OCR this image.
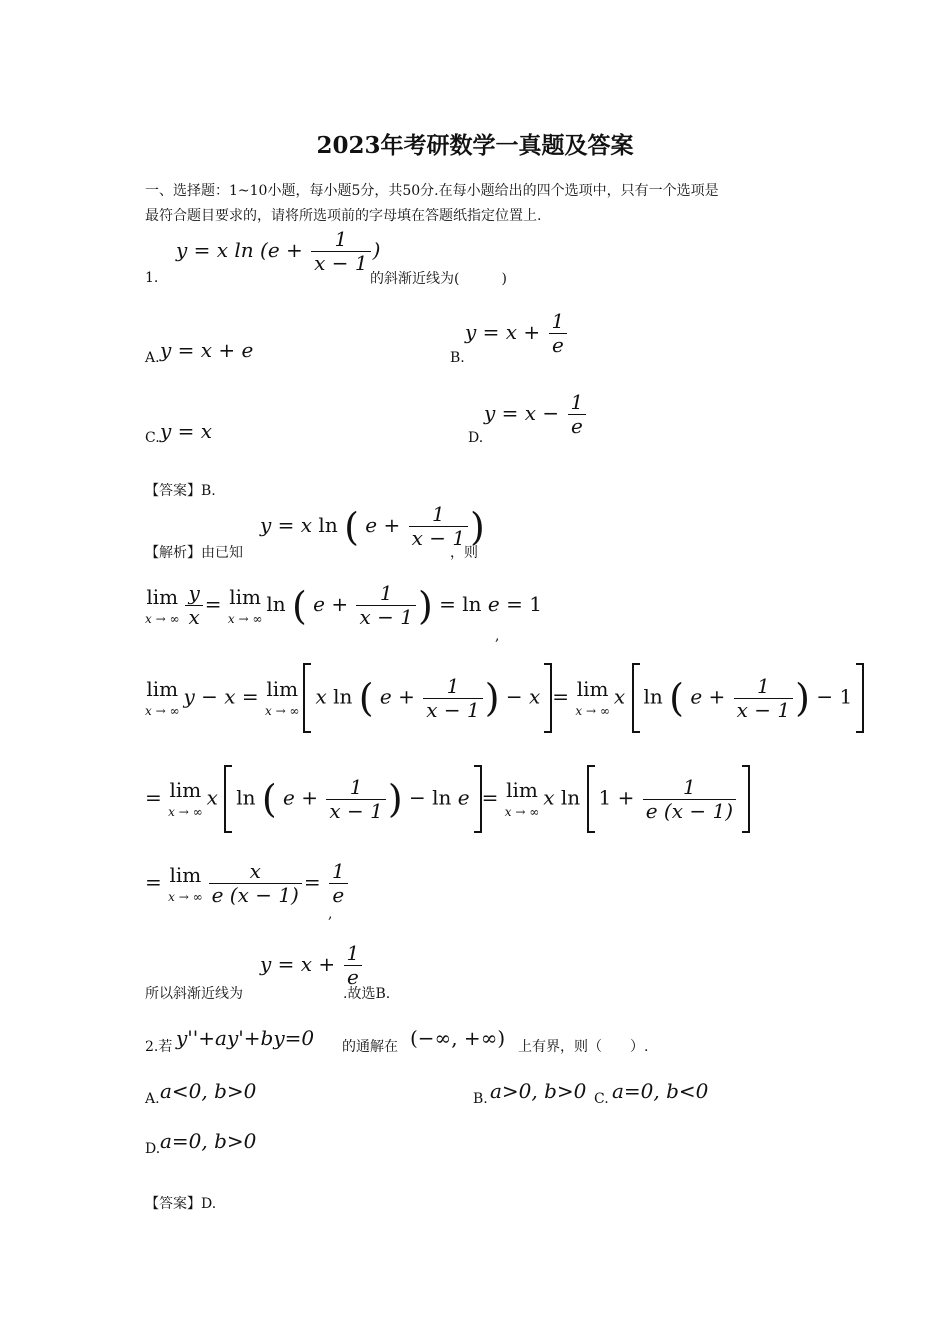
2023年考研数学一真题及答案
一、选择题：1~10小题，每小题5分，共50分.在每小题给出的四个选项中，只有一个选项是
最符合题目要求的，请将所选项前的字母填在答题纸指定位置上.
1.
y = x $\ln (e + \frac{1}{x - 1}$ )
的斜渐近线为(　　　)
A. y = x + e	B.
$y = x + \frac{1}{e}$
C. y = x	D.
$y = x - \frac{1}{e}$
【答案】B.
【解析】由已知
y = x ln ( $e + \frac{1}{x - 1}$ )
，则
lim
x → ∞ $\frac{y}{x} = \lim$
x → ∞
ln ( $e + \frac{1}{x - 1}$ ) = ln e = 1
,
lim
x → ∞
y − x = lim
x → ∞
x ln ( $e + \frac{1}{x - 1}$ ) − x = lim
x → ∞
x ln ( $e + \frac{1}{x - 1}$ ) − 1
= lim
x → ∞
x ln ( $e + \frac{1}{x - 1}$ ) − ln e = lim
x → ∞
x $\ln 1 + \frac{1}{e (x - 1)}$
= lim
x → ∞ $\frac{x}{e (x - 1)} = \frac{1}{e}$
,
所以斜渐近线为
$y = x + \frac{1}{e}$
.故选B.
2.若 y''+ay'+by=0 的通解在 (−∞, +∞) 上有界，则（　　）.
A. a<0, b>0	B. a>0, b>0 C. a=0, b<0
D. a=0, b>0
【答案】D.
